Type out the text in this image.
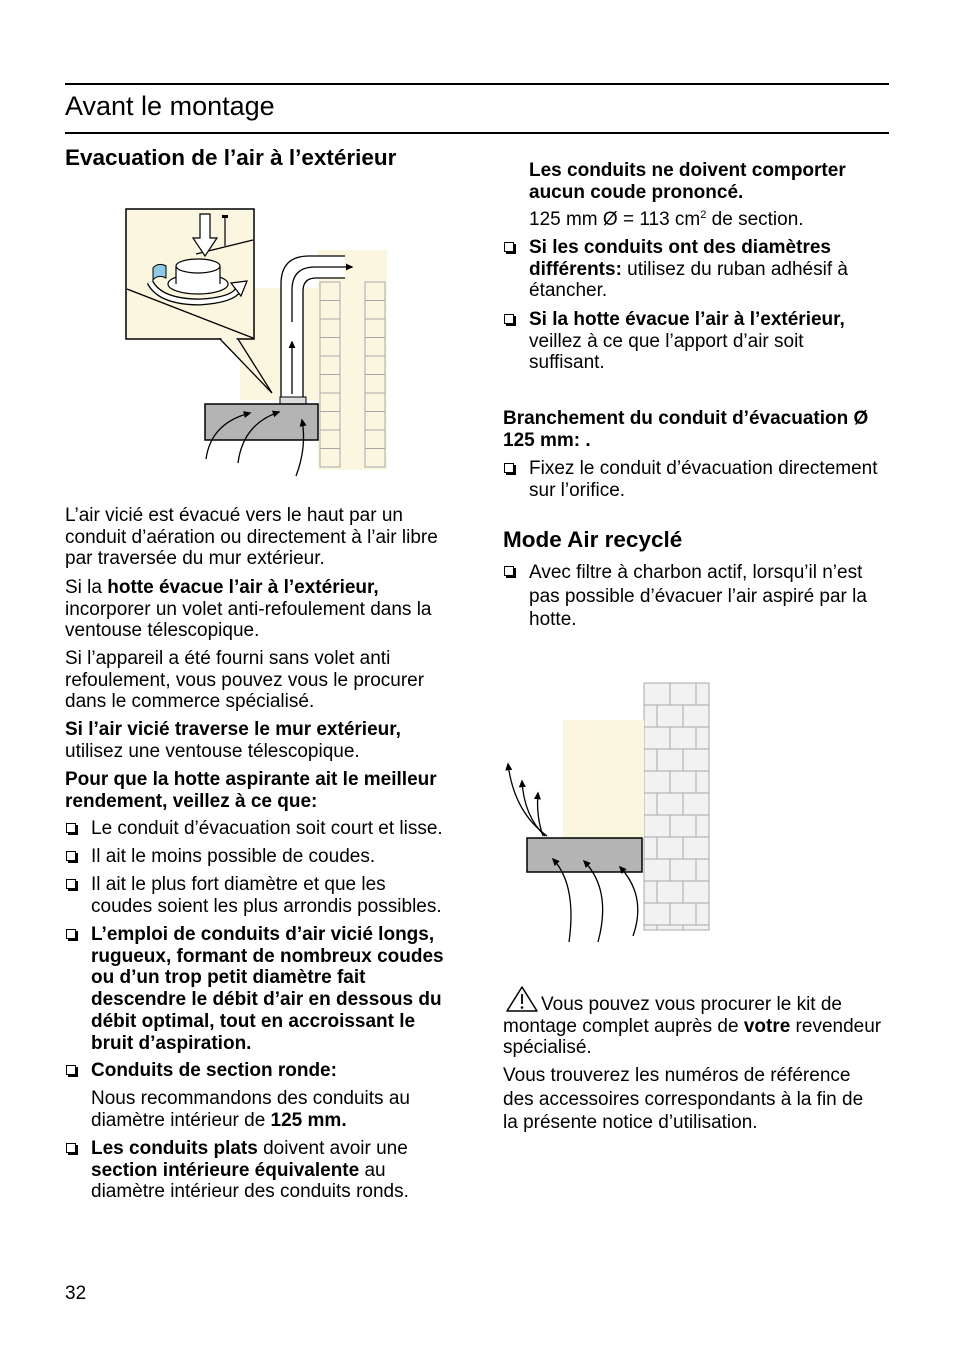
Avant le montage
Evacuation de l’air à l’extérieur
L’air vicié est évacué vers le haut par un
conduit d’aération ou directement à l’air libre
par traversée du mur extérieur.
Si la hotte évacue l’air à l’extérieur,
incorporer un volet anti-refoulement dans la
ventouse télescopique.
Si l’appareil a été fourni sans volet anti
refoulement, vous pouvez vous le procurer
dans le commerce spécialisé.
Si l’air vicié traverse le mur extérieur,
utilisez une ventouse télescopique.
Pour que la hotte aspirante ait le meilleur
rendement, veillez à ce que:
Le conduit d’évacuation soit court et lisse.
Il ait le moins possible de coudes.
Il ait le plus fort diamètre et que les
coudes soient les plus arrondis possibles.
L’emploi de conduits d’air vicié longs,
rugueux, formant de nombreux coudes
ou d’un trop petit diamètre fait
descendre le débit d’air en dessous du
débit optimal, tout en accroissant le
bruit d’aspiration.
Conduits de section ronde:
Nous recommandons des conduits au
diamètre intérieur de 125 mm.
Les conduits plats doivent avoir une
section intérieure équivalente au
diamètre intérieur des conduits ronds.
Les conduits ne doivent comporter
aucun coude prononcé.
125 mm Ø = 113 $cm^2$ de section.
Si les conduits ont des diamètres
différents: utilisez du ruban adhésif à
étancher.
Si la hotte évacue l’air à l’extérieur,
veillez à ce que l’apport d’air soit
suffisant.
Branchement du conduit d’évacuation Ø
125 mm: .
Fixez le conduit d’évacuation directement
sur l’orifice.
Mode Air recyclé
Avec filtre à charbon actif, lorsqu’il n’est
pas possible d’évacuer l’air aspiré par la
hotte.
Vous pouvez vous procurer le kit de
montage complet auprès de votre revendeur
spécialisé.
Vous trouverez les numéros de référence
des accessoires correspondants à la fin de
la présente notice d’utilisation.
32
